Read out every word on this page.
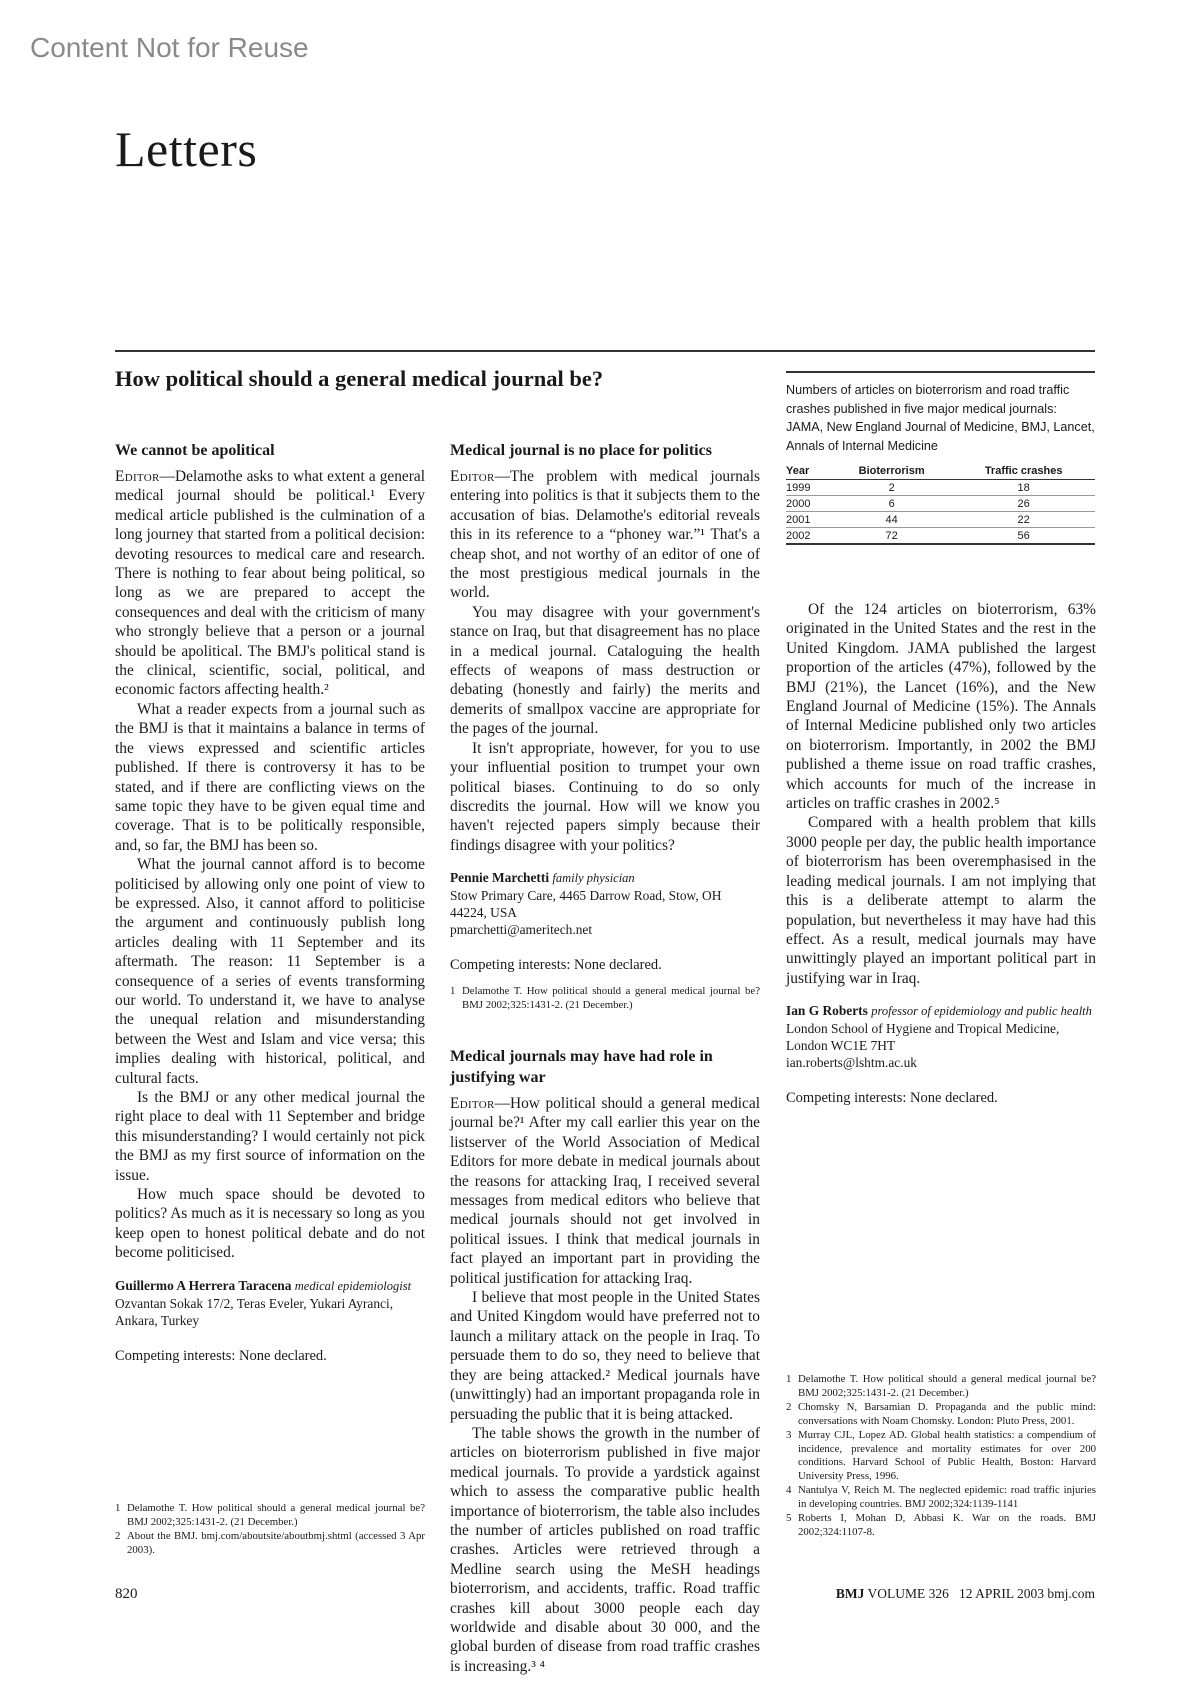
Content Not for Reuse
Letters
How political should a general medical journal be?
We cannot be apolitical

Editor—Delamothe asks to what extent a general medical journal should be political.¹ Every medical article published is the culmination of a long journey that started from a political decision: devoting resources to medical care and research. There is nothing to fear about being political, so long as we are prepared to accept the consequences and deal with the criticism of many who strongly believe that a person or a journal should be apolitical. The BMJ's political stand is the clinical, scientific, social, political, and economic factors affecting health.²

What a reader expects from a journal such as the BMJ is that it maintains a balance in terms of the views expressed and scientific articles published. If there is controversy it has to be stated, and if there are conflicting views on the same topic they have to be given equal time and coverage. That is to be politically responsible, and, so far, the BMJ has been so.

What the journal cannot afford is to become politicised by allowing only one point of view to be expressed. Also, it cannot afford to politicise the argument and continuously publish long articles dealing with 11 September and its aftermath. The reason: 11 September is a consequence of a series of events transforming our world. To understand it, we have to analyse the unequal relation and misunderstanding between the West and Islam and vice versa; this implies dealing with historical, political, and cultural facts.

Is the BMJ or any other medical journal the right place to deal with 11 September and bridge this misunderstanding? I would certainly not pick the BMJ as my first source of information on the issue.

How much space should be devoted to politics? As much as it is necessary so long as you keep open to honest political debate and do not become politicised.

Guillermo A Herrera Taracena medical epidemiologist
Ozvantan Sokak 17/2, Teras Eveler, Yukari Ayranci, Ankara, Turkey
Competing interests: None declared.
1 Delamothe T. How political should a general medical journal be? BMJ 2002;325:1431-2. (21 December.)
2 About the BMJ. bmj.com/aboutsite/aboutbmj.shtml (accessed 3 Apr 2003).
Medical journal is no place for politics

Editor—The problem with medical journals entering into politics is that it subjects them to the accusation of bias. Delamothe's editorial reveals this in its reference to a “phoney war.”¹ That's a cheap shot, and not worthy of an editor of one of the most prestigious medical journals in the world.

You may disagree with your government's stance on Iraq, but that disagreement has no place in a medical journal. Cataloguing the health effects of weapons of mass destruction or debating (honestly and fairly) the merits and demerits of smallpox vaccine are appropriate for the pages of the journal.

It isn't appropriate, however, for you to use your influential position to trumpet your own political biases. Continuing to do so only discredits the journal. How will we know you haven't rejected papers simply because their findings disagree with your politics?

Pennie Marchetti family physician
Stow Primary Care, 4465 Darrow Road, Stow, OH 44224, USA
pmarchetti@ameritech.net
Competing interests: None declared.
1 Delamothe T. How political should a general medical journal be? BMJ 2002;325:1431-2. (21 December.)
Medical journals may have had role in justifying war

Editor—How political should a general medical journal be?¹ After my call earlier this year on the listserver of the World Association of Medical Editors for more debate in medical journals about the reasons for attacking Iraq, I received several messages from medical editors who believe that medical journals should not get involved in political issues. I think that medical journals in fact played an important part in providing the political justification for attacking Iraq.

I believe that most people in the United States and United Kingdom would have preferred not to launch a military attack on the people in Iraq. To persuade them to do so, they need to believe that they are being attacked.² Medical journals have (unwittingly) had an important propaganda role in persuading the public that it is being attacked.

The table shows the growth in the number of articles on bioterrorism published in five major medical journals. To provide a yardstick against which to assess the comparative public health importance of bioterrorism, the table also includes the number of articles published on road traffic crashes. Articles were retrieved through a Medline search using the MeSH headings bioterrorism, and accidents, traffic. Road traffic crashes kill about 3000 people each day worldwide and disable about 30 000, and the global burden of disease from road traffic crashes is increasing.³ ⁴

Numbers of articles on bioterrorism and road traffic crashes published in five major medical journals: JAMA, New England Journal of Medicine, BMJ, Lancet, Annals of Internal Medicine
Year	Bioterrorism	Traffic crashes
1999	2	18
2000	6	26
2001	44	22
2002	72	56

Of the 124 articles on bioterrorism, 63% originated in the United States and the rest in the United Kingdom. JAMA published the largest proportion of the articles (47%), followed by the BMJ (21%), the Lancet (16%), and the New England Journal of Medicine (15%). The Annals of Internal Medicine published only two articles on bioterrorism. Importantly, in 2002 the BMJ published a theme issue on road traffic crashes, which accounts for much of the increase in articles on traffic crashes in 2002.⁵

Compared with a health problem that kills 3000 people per day, the public health importance of bioterrorism has been overemphasised in the leading medical journals. I am not implying that this is a deliberate attempt to alarm the population, but nevertheless it may have had this effect. As a result, medical journals may have unwittingly played an important political part in justifying war in Iraq.

Ian G Roberts professor of epidemiology and public health
London School of Hygiene and Tropical Medicine, London WC1E 7HT
ian.roberts@lshtm.ac.uk
Competing interests: None declared.
1 Delamothe T. How political should a general medical journal be? BMJ 2002;325:1431-2. (21 December.)
2 Chomsky N, Barsamian D. Propaganda and the public mind: conversations with Noam Chomsky. London: Pluto Press, 2001.
3 Murray CJL, Lopez AD. Global health statistics: a compendium of incidence, prevalence and mortality estimates for over 200 conditions. Harvard School of Public Health, Boston: Harvard University Press, 1996.
4 Nantulya V, Reich M. The neglected epidemic: road traffic injuries in developing countries. BMJ 2002;324:1139-1141
5 Roberts I, Mohan D, Abbasi K. War on the roads. BMJ 2002;324:1107-8.
820	BMJ VOLUME 326   12 APRIL 2003 bmj.com
